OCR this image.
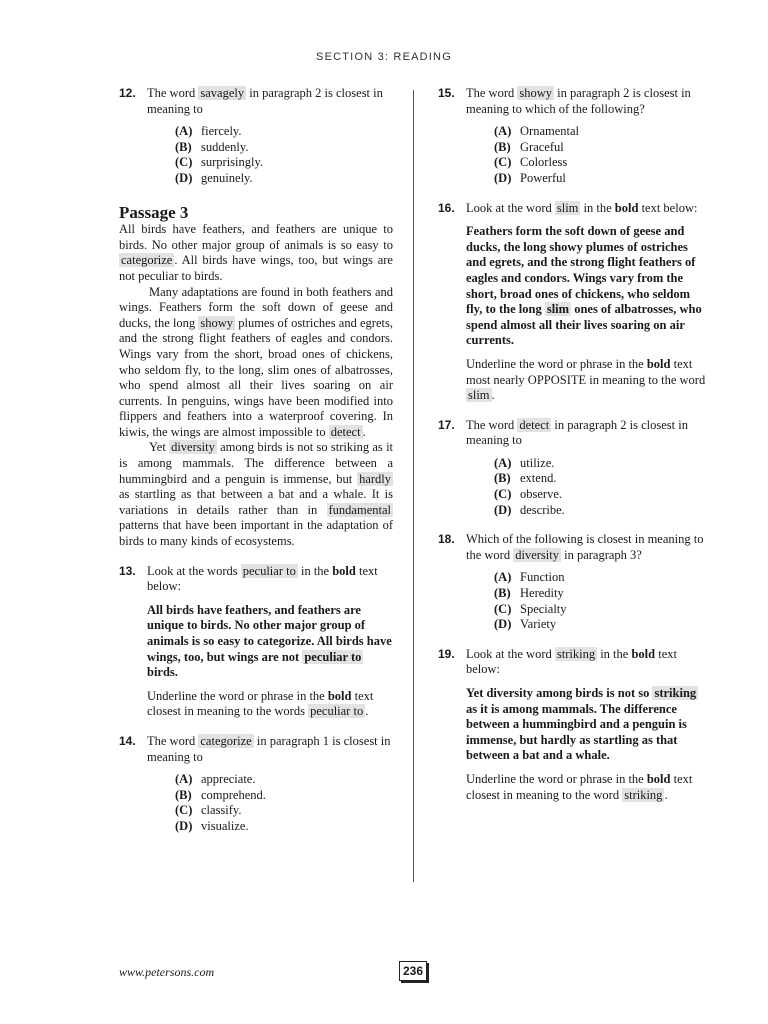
SECTION 3: READING
12. The word savagely in paragraph 2 is closest in meaning to
(A) fiercely.
(B) suddenly.
(C) surprisingly.
(D) genuinely.
Passage 3

All birds have feathers, and feathers are unique to birds. No other major group of animals is so easy to categorize . All birds have wings, too, but wings are not peculiar to birds.

Many adaptations are found in both feathers and wings. Feathers form the soft down of geese and ducks, the long showy plumes of ostriches and egrets, and the strong flight feathers of eagles and condors. Wings vary from the short, broad ones of chickens, who seldom fly, to the long, slim ones of albatrosses, who spend almost all their lives soaring on air currents. In penguins, wings have been modified into flippers and feathers into a waterproof covering. In kiwis, the wings are almost impossible to detect .

Yet diversity among birds is not so striking as it is among mammals. The difference between a hummingbird and a penguin is immense, but hardly as startling as that between a bat and a whale. It is variations in details rather than in fundamental patterns that have been important in the adaptation of birds to many kinds of ecosystems.

13. Look at the words peculiar to in the bold text below:
All birds have feathers, and feathers are unique to birds. No other major group of animals is so easy to categorize. All birds have wings, too, but wings are not peculiar to birds.
Underline the word or phrase in the bold text closest in meaning to the words peculiar to .
14. The word categorize in paragraph 1 is closest in meaning to
(A) appreciate.
(B) comprehend.
(C) classify.
(D) visualize.
15. The word showy in paragraph 2 is closest in meaning to which of the following?
(A) Ornamental
(B) Graceful
(C) Colorless
(D) Powerful
16. Look at the word slim in the bold text below:
Feathers form the soft down of geese and ducks, the long showy plumes of ostriches and egrets, and the strong flight feathers of eagles and condors. Wings vary from the short, broad ones of chickens, who seldom fly, to the long slim ones of albatrosses, who spend almost all their lives soaring on air currents.
Underline the word or phrase in the bold text most nearly OPPOSITE in meaning to the word slim .
17. The word detect in paragraph 2 is closest in meaning to
(A) utilize.
(B) extend.
(C) observe.
(D) describe.
18. Which of the following is closest in meaning to the word diversity in paragraph 3?
(A) Function
(B) Heredity
(C) Specialty
(D) Variety
19. Look at the word striking in the bold text below:
Yet diversity among birds is not so striking as it is among mammals. The difference between a hummingbird and a penguin is immense, but hardly as startling as that between a bat and a whale.
Underline the word or phrase in the bold text closest in meaning to the word striking .
www.petersons.com	236
